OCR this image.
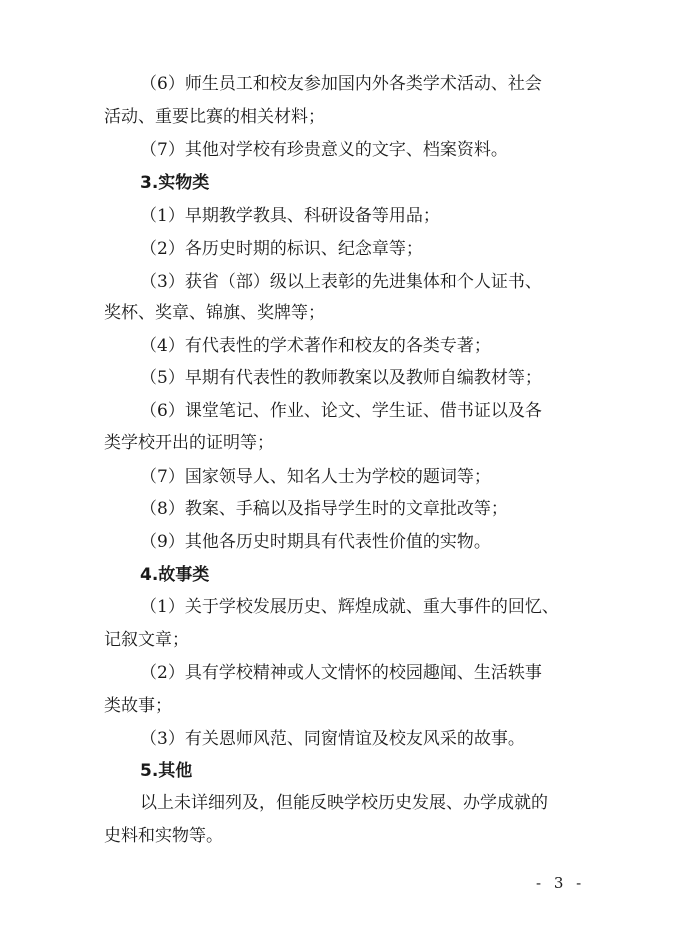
（6）师生员工和校友参加国内外各类学术活动、社会
活动、重要比赛的相关材料；
（7）其他对学校有珍贵意义的文字、档案资料。
3.实物类
（1）早期教学教具、科研设备等用品；
（2）各历史时期的标识、纪念章等；
（3）获省（部）级以上表彰的先进集体和个人证书、
奖杯、奖章、锦旗、奖牌等；
（4）有代表性的学术著作和校友的各类专著；
（5）早期有代表性的教师教案以及教师自编教材等；
（6）课堂笔记、作业、论文、学生证、借书证以及各
类学校开出的证明等；
（7）国家领导人、知名人士为学校的题词等；
（8）教案、手稿以及指导学生时的文章批改等；
（9）其他各历史时期具有代表性价值的实物。
4.故事类
（1）关于学校发展历史、辉煌成就、重大事件的回忆、
记叙文章；
（2）具有学校精神或人文情怀的校园趣闻、生活轶事
类故事；
（3）有关恩师风范、同窗情谊及校友风采的故事。
5.其他
以上未详细列及，但能反映学校历史发展、办学成就的
史料和实物等。
- 3 -
